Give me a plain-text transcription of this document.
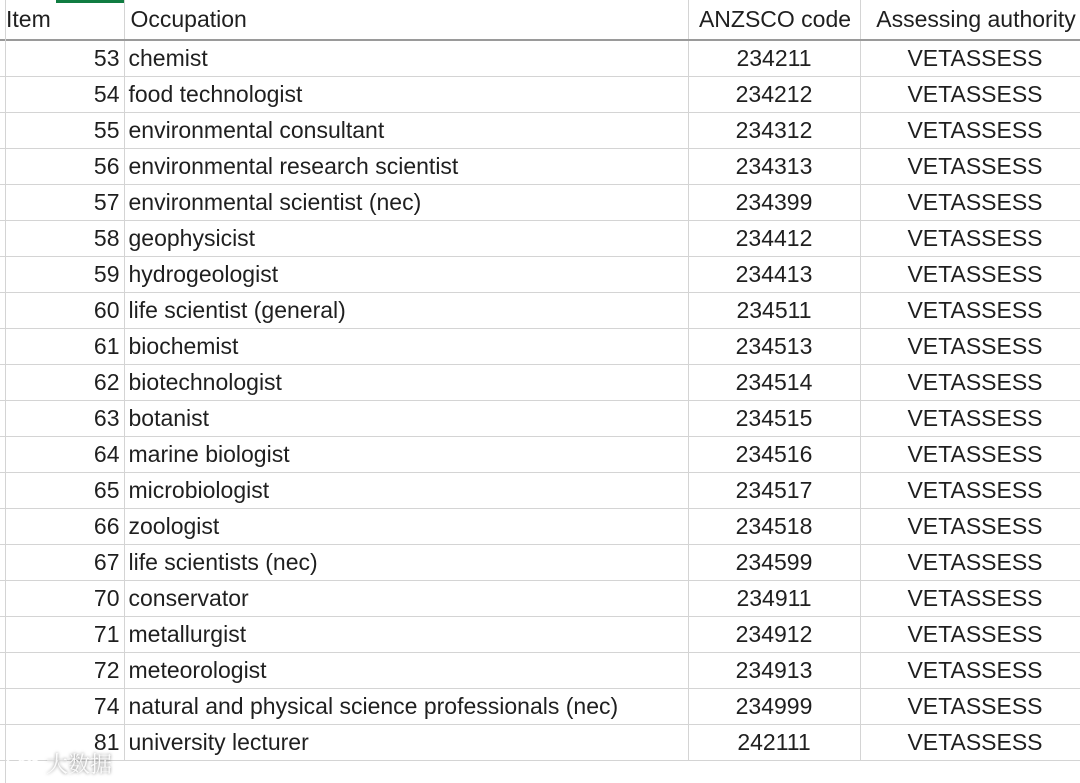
Item	Occupation	ANZSCO code	Assessing authority
53	chemist	234211	VETASSESS
54	food technologist	234212	VETASSESS
55	environmental consultant	234312	VETASSESS
56	environmental research scientist	234313	VETASSESS
57	environmental scientist (nec)	234399	VETASSESS
58	geophysicist	234412	VETASSESS
59	hydrogeologist	234413	VETASSESS
60	life scientist (general)	234511	VETASSESS
61	biochemist	234513	VETASSESS
62	biotechnologist	234514	VETASSESS
63	botanist	234515	VETASSESS
64	marine biologist	234516	VETASSESS
65	microbiologist	234517	VETASSESS
66	zoologist	234518	VETASSESS
67	life scientists (nec)	234599	VETASSESS
70	conservator	234911	VETASSESS
71	metallurgist	234912	VETASSESS
72	meteorologist	234913	VETASSESS
74	natural and physical science professionals (nec)	234999	VETASSESS
81	university lecturer	242111	VETASSESS
大数据
